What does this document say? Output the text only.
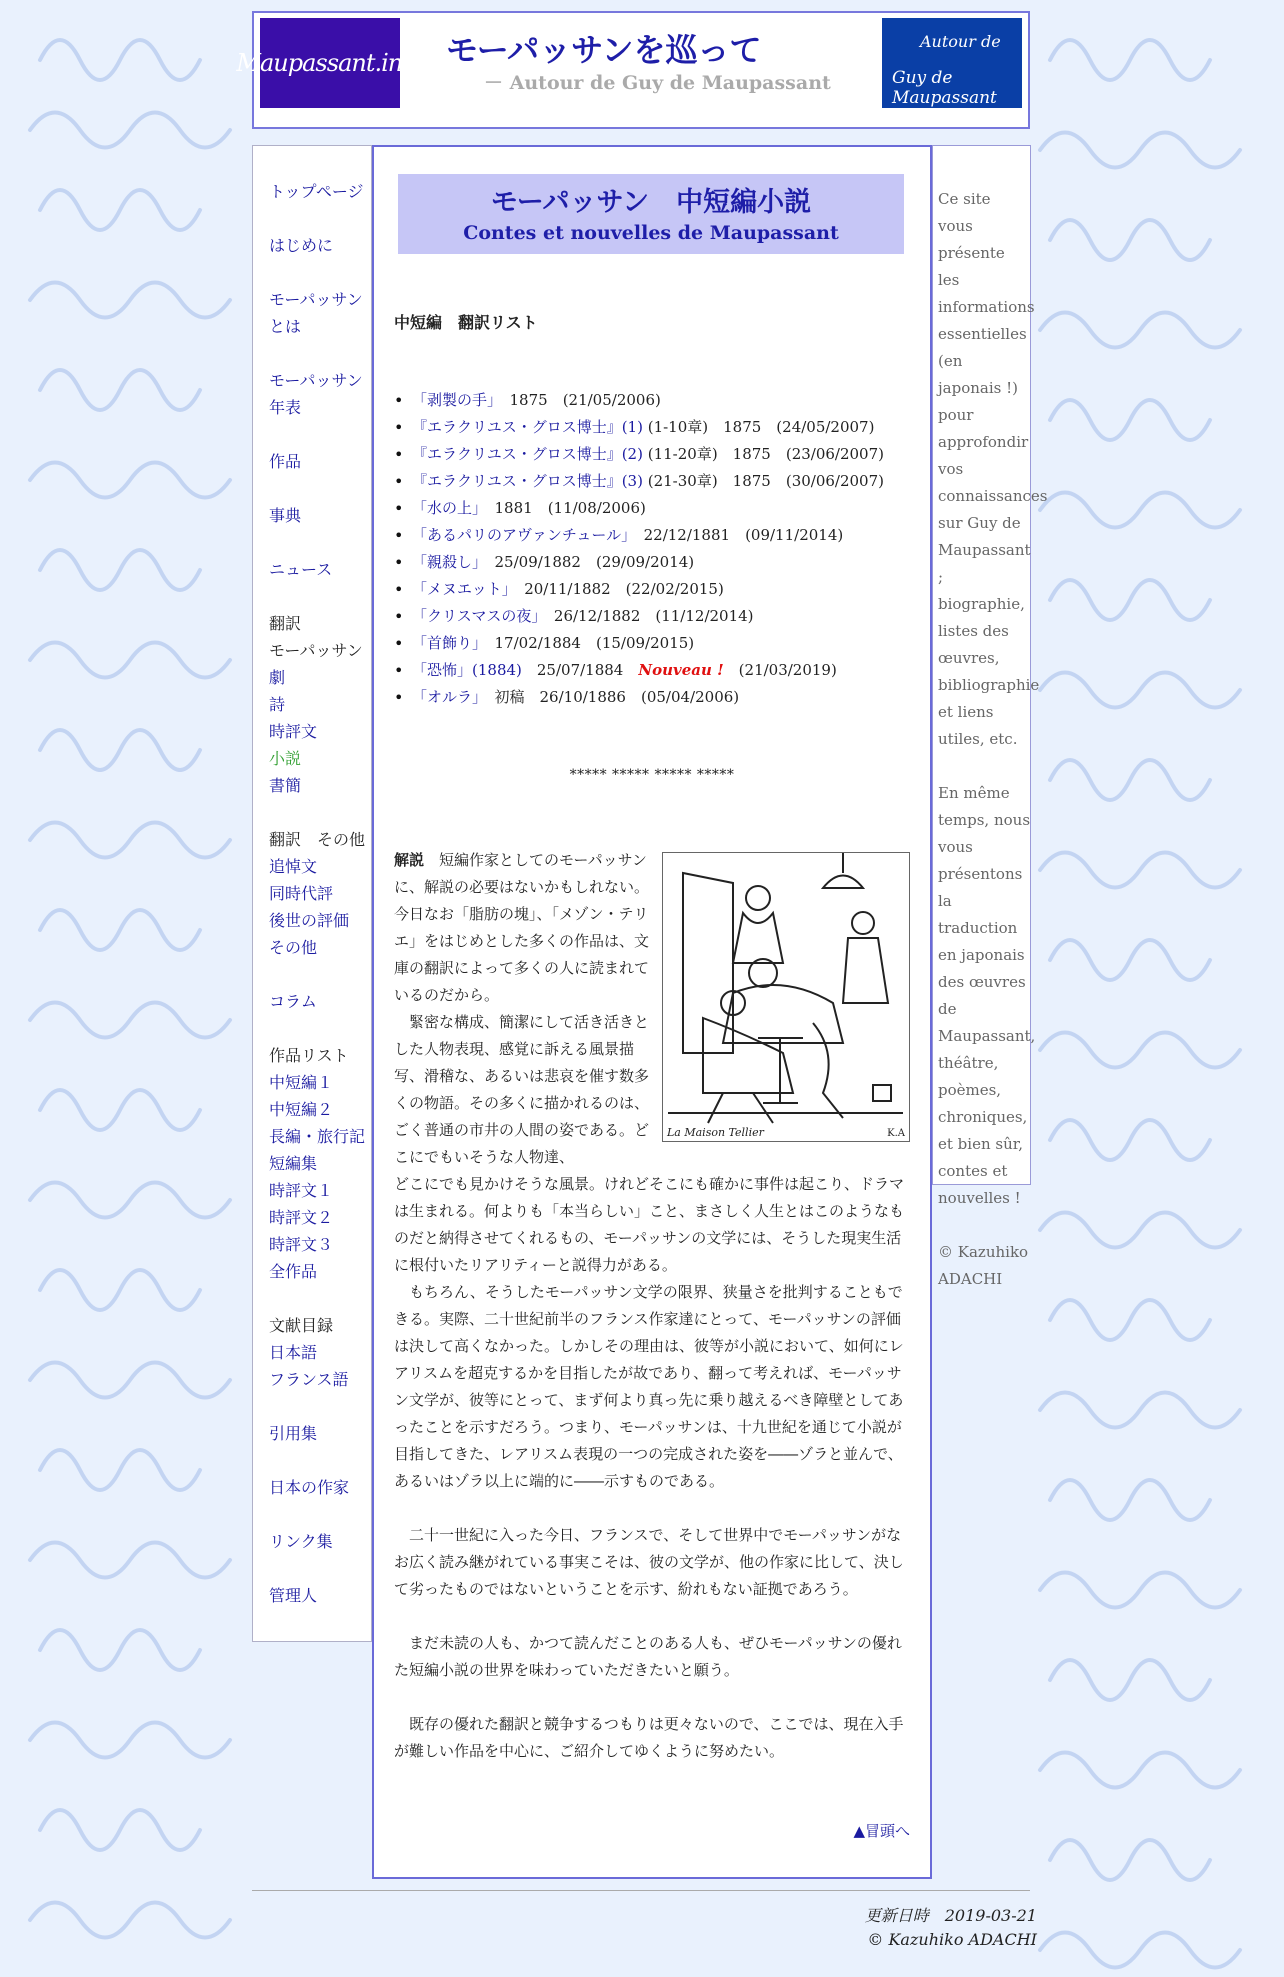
Maupassant.info モーパッサンを巡って
－ Autour de Guy de Maupassant
Autour de
Guy de Maupassant
トップページ
はじめに
モーパッサン
とは
モーパッサン
年表
作品
事典
ニュース
翻訳
モーパッサン
劇
詩
時評文
小説
書簡
翻訳　その他
追悼文
同時代評
後世の評価
その他
コラム
作品リスト
中短編１
中短編２
長編・旅行記
短編集
時評文１
時評文２
時評文３
全作品
文献目録
日本語
フランス語
引用集
日本の作家
リンク集
管理人
モーパッサン　中短編小説
Contes et nouvelles de Maupassant
中短編　翻訳リスト
• 「剥製の手」　1875　(21/05/2006)
• 『エラクリユス・グロス博士』(1) (1-10章)　1875　(24/05/2007)
• 『エラクリユス・グロス博士』(2) (11-20章)　1875　(23/06/2007)
• 『エラクリユス・グロス博士』(3) (21-30章)　1875　(30/06/2007)
• 「水の上」　1881　(11/08/2006)
• 「あるパリのアヴァンチュール」　22/12/1881　(09/11/2014)
• 「親殺し」　25/09/1882　(29/09/2014)
• 「メヌエット」　20/11/1882　(22/02/2015)
• 「クリスマスの夜」　26/12/1882　(11/12/2014)
• 「首飾り」　17/02/1884　(15/09/2015)
• 「恐怖」(1884)　25/07/1884　Nouveau !　(21/03/2019)
• 「オルラ」　初稿　26/10/1886　(05/04/2006)
***** ***** ***** *****
La Maison Tellier	K.A

解説　短編作家としてのモーパッサンに、解説の必要はないかもしれない。今日なお「脂肪の塊」、「メゾン・テリエ」をはじめとした多くの作品は、文庫の翻訳によって多くの人に読まれているのだから。

　緊密な構成、簡潔にして活き活きとした人物表現、感覚に訴える風景描写、滑稽な、あるいは悲哀を催す数多くの物語。その多くに描かれるのは、ごく普通の市井の人間の姿である。どこにでもいそうな人物達、

どこにでも見かけそうな風景。けれどそこにも確かに事件は起こり、ドラマは生まれる。何よりも「本当らしい」こと、まさしく人生とはこのようなものだと納得させてくれるもの、モーパッサンの文学には、そうした現実生活に根付いたリアリティーと説得力がある。

　もちろん、そうしたモーパッサン文学の限界、狭量さを批判することもできる。実際、二十世紀前半のフランス作家達にとって、モーパッサンの評価は決して高くなかった。しかしその理由は、彼等が小説において、如何にレアリスムを超克するかを目指したが故であり、翻って考えれば、モーパッサン文学が、彼等にとって、まず何より真っ先に乗り越えるべき障壁としてあったことを示すだろう。つまり、モーパッサンは、十九世紀を通じて小説が目指してきた、レアリスム表現の一つの完成された姿を――ゾラと並んで、あるいはゾラ以上に端的に――示すものである。

　二十一世紀に入った今日、フランスで、そして世界中でモーパッサンがなお広く読み継がれている事実こそは、彼の文学が、他の作家に比して、決して劣ったものではないということを示す、紛れもない証拠であろう。

　まだ未読の人も、かつて読んだことのある人も、ぜひモーパッサンの優れた短編小説の世界を味わっていただきたいと願う。

　既存の優れた翻訳と競争するつもりは更々ないので、ここでは、現在入手が難しい作品を中心に、ご紹介してゆくように努めたい。

▲冒頭へ
Ce site vous présente les informations essentielles (en japonais !) pour approfondir vos connaissances sur Guy de Maupassant ; biographie, listes des œuvres, bibliographie et liens utiles, etc.
En même temps, nous vous présentons la traduction en japonais des œuvres de Maupassant, théâtre, poèmes, chroniques, et bien sûr, contes et nouvelles !
© Kazuhiko ADACHI
更新日時　2019-03-21
© Kazuhiko ADACHI
